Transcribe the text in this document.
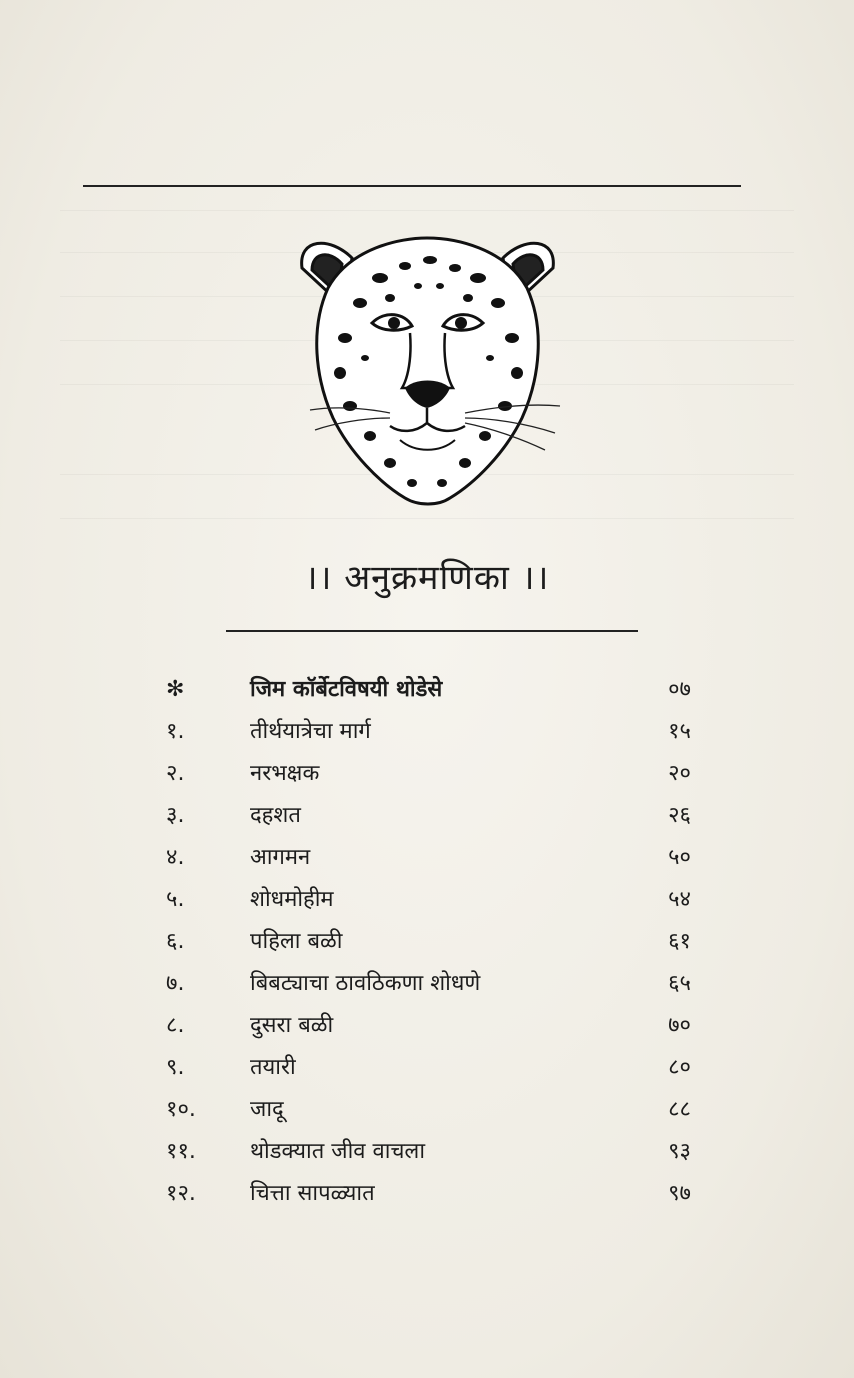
।। अनुक्रमणिका ।।
✻	जिम कॉर्बेटविषयी थोडेसे	०७
१.	तीर्थयात्रेचा मार्ग	१५
२.	नरभक्षक	२०
३.	दहशत	२६
४.	आगमन	५०
५.	शोधमोहीम	५४
६.	पहिला बळी	६१
७.	बिबट्याचा ठावठिकणा शोधणे	६५
८.	दुसरा बळी	७०
९.	तयारी	८०
१०.	जादू	८८
११.	थोडक्यात जीव वाचला	९३
१२.	चित्ता सापळ्यात	९७
